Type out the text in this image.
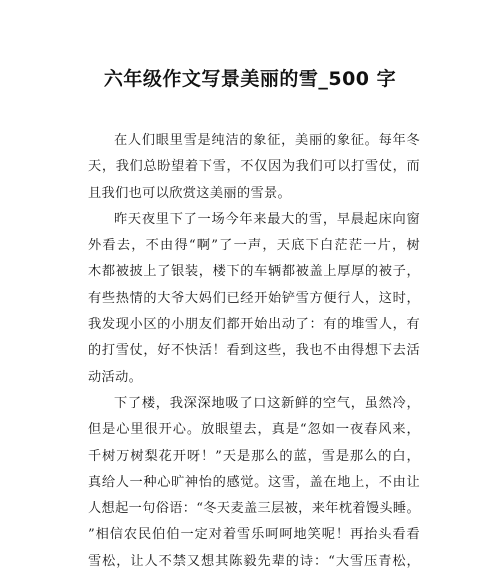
六年级作文写景美丽的雪_500 字
在人们眼里雪是纯洁的象征，美丽的象征。每年冬
天，我们总盼望着下雪，不仅因为我们可以打雪仗，而
且我们也可以欣赏这美丽的雪景。
昨天夜里下了一场今年来最大的雪，早晨起床向窗
外看去，不由得“啊”了一声，天底下白茫茫一片，树
木都被披上了银装，楼下的车辆都被盖上厚厚的被子，
有些热情的大爷大妈们已经开始铲雪方便行人，这时，
我发现小区的小朋友们都开始出动了：有的堆雪人，有
的打雪仗，好不快活！看到这些，我也不由得想下去活
动活动。
下了楼，我深深地吸了口这新鲜的空气，虽然冷，
但是心里很开心。放眼望去，真是“忽如一夜春风来，
千树万树梨花开呀！”天是那么的蓝，雪是那么的白，
真给人一种心旷神怡的感觉。这雪，盖在地上，不由让
人想起一句俗语：“冬天麦盖三层被，来年枕着馒头睡。
”相信农民伯伯一定对着雪乐呵呵地笑呢！再抬头看看
雪松，让人不禁又想其陈毅先辈的诗：“大雪压青松，
